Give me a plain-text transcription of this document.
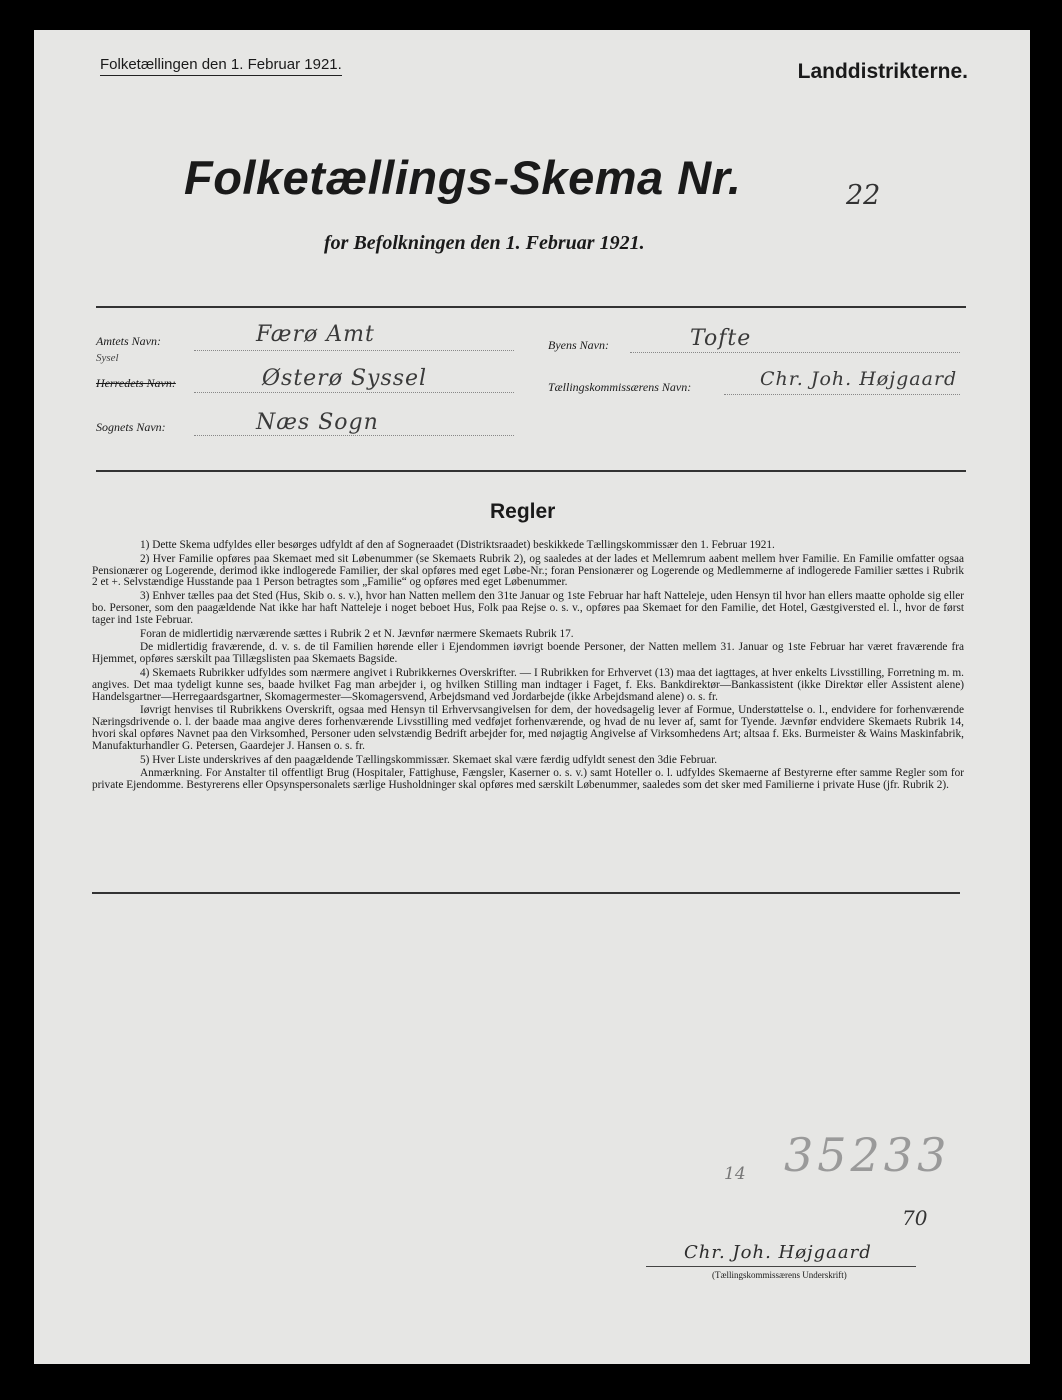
Folketællingen den 1. Februar 1921.	Landdistrikterne.
Folketællings-Skema Nr.	22
for Befolkningen den 1. Februar 1921.
Amtets Navn:	Færø Amt
Sysel
Herredets Navn:	Østerø Syssel
Sognets Navn:	Næs Sogn
Byens Navn:	Tofte
Tællingskommissærens Navn:	Chr. Joh. Højgaard
Regler

1) Dette Skema udfyldes eller besørges udfyldt af den af Sogneraadet (Distriktsraadet) beskikkede Tællingskommissær den 1. Februar 1921.

2) Hver Familie opføres paa Skemaet med sit Løbenummer (se Skemaets Rubrik 2), og saaledes at der lades et Mellemrum aabent mellem hver Familie. En Familie omfatter ogsaa Pensionærer og Logerende, derimod ikke indlogerede Familier, der skal opføres med eget Løbe-Nr.; foran Pensionærer og Logerende og Medlemmerne af indlogerede Familier sættes i Rubrik 2 et +. Selvstændige Husstande paa 1 Person betragtes som „Familie“ og opføres med eget Løbenummer.

3) Enhver tælles paa det Sted (Hus, Skib o. s. v.), hvor han Natten mellem den 31te Januar og 1ste Februar har haft Natteleje, uden Hensyn til hvor han ellers maatte opholde sig eller bo. Personer, som den paagældende Nat ikke har haft Natteleje i noget beboet Hus, Folk paa Rejse o. s. v., opføres paa Skemaet for den Familie, det Hotel, Gæstgiversted el. l., hvor de først tager ind 1ste Februar.

Foran de midlertidig nærværende sættes i Rubrik 2 et N. Jævnfør nærmere Skemaets Rubrik 17.

De midlertidig fraværende, d. v. s. de til Familien hørende eller i Ejendommen iøvrigt boende Personer, der Natten mellem 31. Januar og 1ste Februar har været fraværende fra Hjemmet, opføres særskilt paa Tillægslisten paa Skemaets Bagside.

4) Skemaets Rubrikker udfyldes som nærmere angivet i Rubrikkernes Overskrifter. — I Rubrikken for Erhvervet (13) maa det iagttages, at hver enkelts Livsstilling, Forretning m. m. angives. Det maa tydeligt kunne ses, baade hvilket Fag man arbejder i, og hvilken Stilling man indtager i Faget, f. Eks. Bankdirektør—Bankassistent (ikke Direktør eller Assistent alene) Handelsgartner—Herregaardsgartner, Skomagermester—Skomagersvend, Arbejdsmand ved Jordarbejde (ikke Arbejdsmand alene) o. s. fr.

Iøvrigt henvises til Rubrikkens Overskrift, ogsaa med Hensyn til Erhvervsangivelsen for dem, der hovedsagelig lever af Formue, Understøttelse o. l., endvidere for forhenværende Næringsdrivende o. l. der baade maa angive deres forhenværende Livsstilling med vedføjet forhenværende, og hvad de nu lever af, samt for Tyende. Jævnfør endvidere Skemaets Rubrik 14, hvori skal opføres Navnet paa den Virksomhed, Personer uden selvstændig Bedrift arbejder for, med nøjagtig Angivelse af Virksomhedens Art; altsaa f. Eks. Burmeister & Wains Maskinfabrik, Manufakturhandler G. Petersen, Gaardejer J. Hansen o. s. fr.

5) Hver Liste underskrives af den paagældende Tællingskommissær. Skemaet skal være færdig udfyldt senest den 3die Februar.

Anmærkning. For Anstalter til offentligt Brug (Hospitaler, Fattighuse, Fængsler, Kaserner o. s. v.) samt Hoteller o. l. udfyldes Skemaerne af Bestyrerne efter samme Regler som for private Ejendomme. Bestyrerens eller Opsynspersonalets særlige Husholdninger skal opføres med særskilt Løbenummer, saaledes som det sker med Familierne i private Huse (jfr. Rubrik 2).

14 35233
70
Chr. Joh. Højgaard
(Tællingskommissærens Underskrift)
